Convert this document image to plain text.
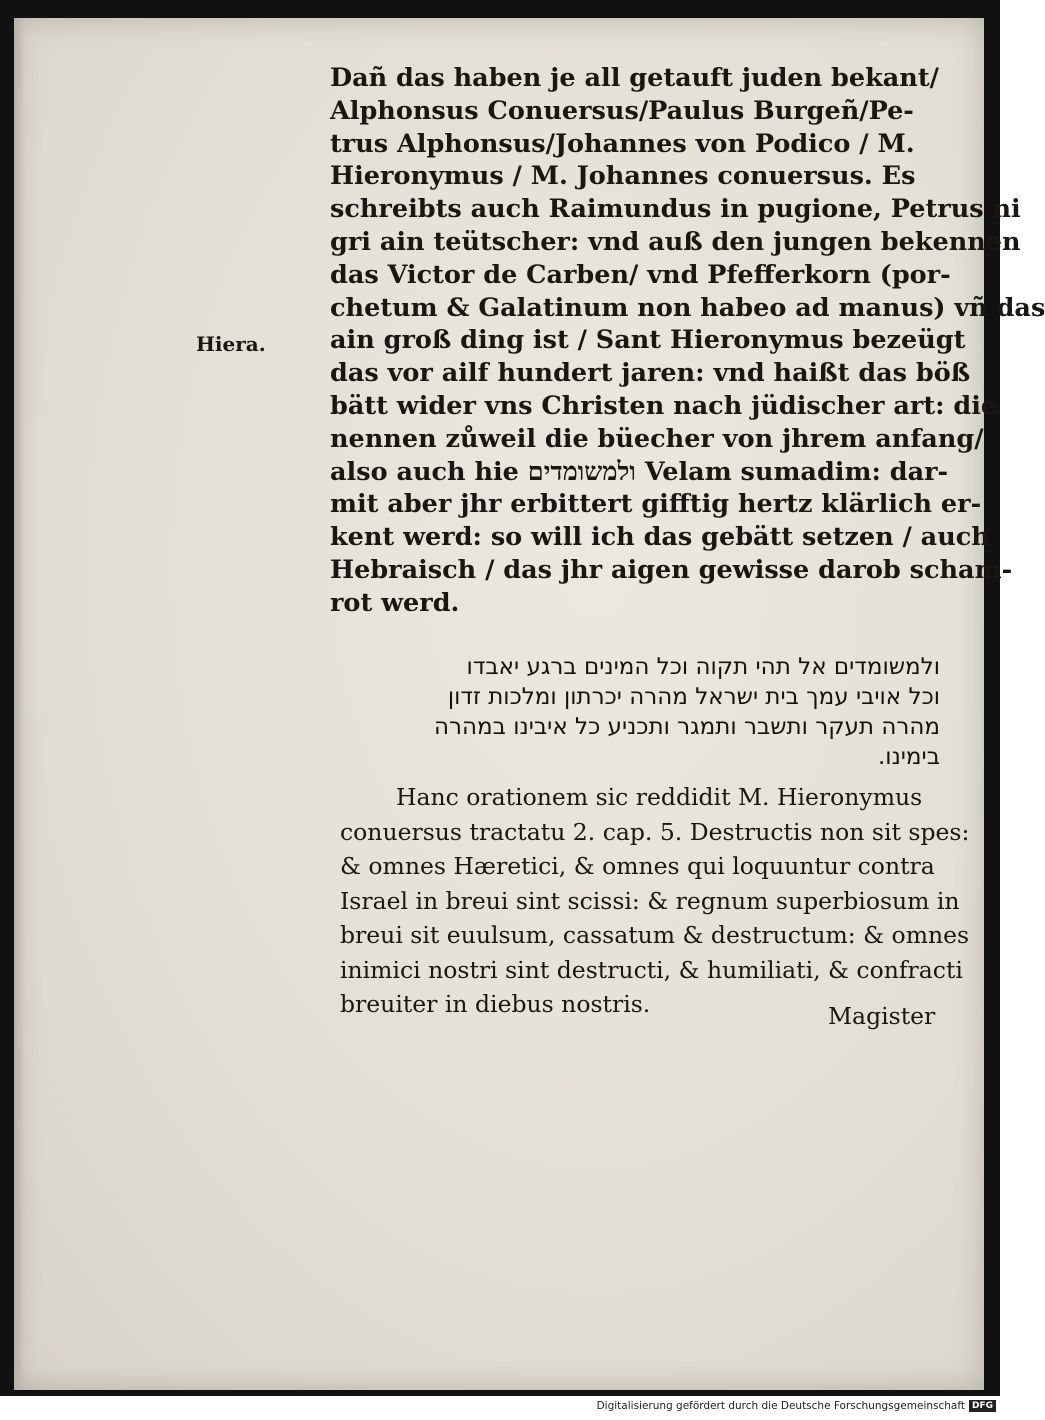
Hiera.
Dañ das haben je all getauft juden bekant/
Alphonsus Conuersus/Paulus Burgeñ/Pe-
trus Alphonsus/Johannes von Podico / M.
Hieronymus / M. Johannes conuersus. Es
schreibts auch Raimundus in pugione, Petrus ni
gri ain teütscher: vnd auß den jungen bekennen
das Victor de Carben/ vnd Pfefferkorn (por-
chetum & Galatinum non habeo ad manus) vñ das
ain groß ding ist / Sant Hieronymus bezeügt
das vor ailf hundert jaren: vnd haißt das böß
bätt wider vns Christen nach jüdischer art: die
nennen zůweil die büecher von jhrem anfang/
also auch hie ולמשומדים Velam sumadim: dar-
mit aber jhr erbittert gifftig hertz klärlich er-
kent werd: so will ich das gebätt setzen / auch
Hebraisch / das jhr aigen gewisse darob scham-
rot werd.
ולמשומדים אל תהי תקוה וכל המינים ברגע יאבדו
וכל אויבי עמך בית ישראל מהרה יכרתון ומלכות זדון
מהרה תעקר ותשבר ותמגר ותכניע כל איבינו במהרה
בימינו.
Hanc orationem sic reddidit M. Hieronymus
conuersus tractatu 2. cap. 5. Destructis non sit spes:
& omnes Hæretici, & omnes qui loquuntur contra
Israel in breui sint scissi: & regnum superbiosum in
breui sit euulsum, cassatum & destructum: & omnes
inimici nostri sint destructi, & humiliati, & confracti
breuiter in diebus nostris.	Magister
Digitalisierung gefördert durch die Deutsche Forschungsgemeinschaft DFG
